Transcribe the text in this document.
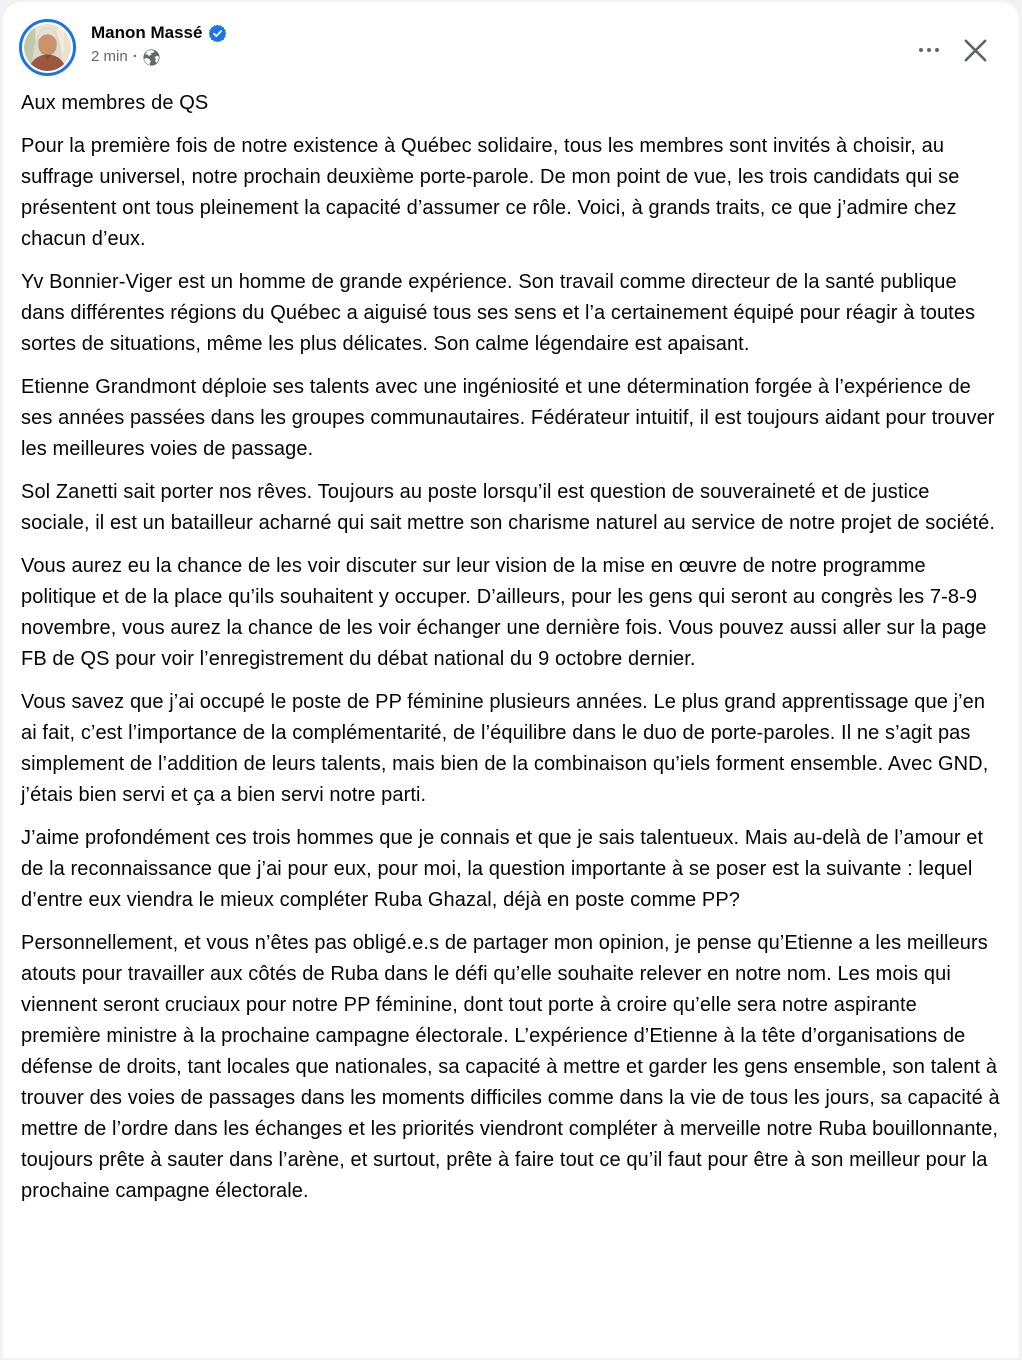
Manon Massé
2 min ·

Aux membres de QS

Pour la première fois de notre existence à Québec solidaire, tous les membres sont invités à choisir, au suffrage universel, notre prochain deuxième porte-parole. De mon point de vue, les trois candidats qui se présentent ont tous pleinement la capacité d’assumer ce rôle. Voici, à grands traits, ce que j’admire chez chacun d’eux.

Yv Bonnier-Viger est un homme de grande expérience. Son travail comme directeur de la santé publique dans différentes régions du Québec a aiguisé tous ses sens et l’a certainement équipé pour réagir à toutes sortes de situations, même les plus délicates. Son calme légendaire est apaisant.

Etienne Grandmont déploie ses talents avec une ingéniosité et une détermination forgée à l’expérience de ses années passées dans les groupes communautaires. Fédérateur intuitif, il est toujours aidant pour trouver les meilleures voies de passage.

Sol Zanetti sait porter nos rêves. Toujours au poste lorsqu’il est question de souveraineté et de justice sociale, il est un batailleur acharné qui sait mettre son charisme naturel au service de notre projet de société.

Vous aurez eu la chance de les voir discuter sur leur vision de la mise en œuvre de notre programme politique et de la place qu’ils souhaitent y occuper. D’ailleurs, pour les gens qui seront au congrès les 7-8-9 novembre, vous aurez la chance de les voir échanger une dernière fois. Vous pouvez aussi aller sur la page FB de QS pour voir l’enregistrement du débat national du 9 octobre dernier.

Vous savez que j’ai occupé le poste de PP féminine plusieurs années. Le plus grand apprentissage que j’en ai fait, c’est l’importance de la complémentarité, de l’équilibre dans le duo de porte-paroles. Il ne s’agit pas simplement de l’addition de leurs talents, mais bien de la combinaison qu’iels forment ensemble. Avec GND, j’étais bien servi et ça a bien servi notre parti.

J’aime profondément ces trois hommes que je connais et que je sais talentueux. Mais au-delà de l’amour et de la reconnaissance que j’ai pour eux, pour moi, la question importante à se poser est la suivante : lequel d’entre eux viendra le mieux compléter Ruba Ghazal, déjà en poste comme PP?

Personnellement, et vous n’êtes pas obligé.e.s de partager mon opinion, je pense qu’Etienne a les meilleurs atouts pour travailler aux côtés de Ruba dans le défi qu’elle souhaite relever en notre nom. Les mois qui viennent seront cruciaux pour notre PP féminine, dont tout porte à croire qu’elle sera notre aspirante première ministre à la prochaine campagne électorale. L’expérience d’Etienne à la tête d’organisations de défense de droits, tant locales que nationales, sa capacité à mettre et garder les gens ensemble, son talent à trouver des voies de passages dans les moments difficiles comme dans la vie de tous les jours, sa capacité à mettre de l’ordre dans les échanges et les priorités viendront compléter à merveille notre Ruba bouillonnante, toujours prête à sauter dans l’arène, et surtout, prête à faire tout ce qu’il faut pour être à son meilleur pour la prochaine campagne électorale.
